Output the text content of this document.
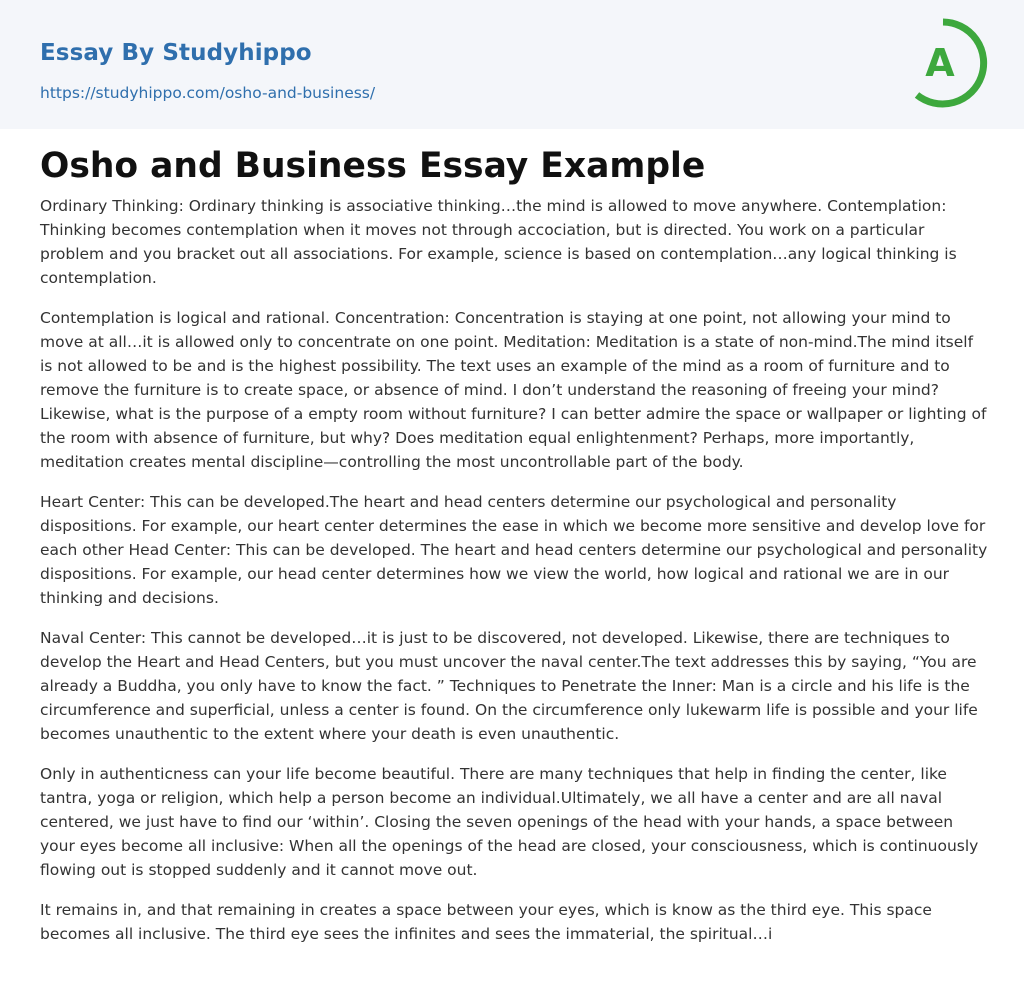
Essay By Studyhippo
https://studyhippo.com/osho-and-business/
A
Osho and Business Essay Example

Ordinary Thinking: Ordinary thinking is associative thinking…the mind is allowed to move anywhere. Contemplation: Thinking becomes contemplation when it moves not through accociation, but is directed. You work on a particular problem and you bracket out all associations. For example, science is based on contemplation…any logical thinking is contemplation.

Contemplation is logical and rational. Concentration: Concentration is staying at one point, not allowing your mind to move at all…it is allowed only to concentrate on one point. Meditation: Meditation is a state of non-mind.The mind itself is not allowed to be and is the highest possibility. The text uses an example of the mind as a room of furniture and to remove the furniture is to create space, or absence of mind. I don’t understand the reasoning of freeing your mind? Likewise, what is the purpose of a empty room without furniture? I can better admire the space or wallpaper or lighting of the room with absence of furniture, but why? Does meditation equal enlightenment? Perhaps, more importantly, meditation creates mental discipline—controlling the most uncontrollable part of the body.

Heart Center: This can be developed.The heart and head centers determine our psychological and personality dispositions. For example, our heart center determines the ease in which we become more sensitive and develop love for each other Head Center: This can be developed. The heart and head centers determine our psychological and personality dispositions. For example, our head center determines how we view the world, how logical and rational we are in our thinking and decisions.

Naval Center: This cannot be developed…it is just to be discovered, not developed. Likewise, there are techniques to develop the Heart and Head Centers, but you must uncover the naval center.The text addresses this by saying, “You are already a Buddha, you only have to know the fact. ” Techniques to Penetrate the Inner: Man is a circle and his life is the circumference and superficial, unless a center is found. On the circumference only lukewarm life is possible and your life becomes unauthentic to the extent where your death is even unauthentic.

Only in authenticness can your life become beautiful. There are many techniques that help in finding the center, like tantra, yoga or religion, which help a person become an individual.Ultimately, we all have a center and are all naval centered, we just have to find our ‘within’. Closing the seven openings of the head with your hands, a space between your eyes become all inclusive: When all the openings of the head are closed, your consciousness, which is continuously flowing out is stopped suddenly and it cannot move out.

It remains in, and that remaining in creates a space between your eyes, which is know as the third eye. This space becomes all inclusive. The third eye sees the infinites and sees the immaterial, the spiritual…i
